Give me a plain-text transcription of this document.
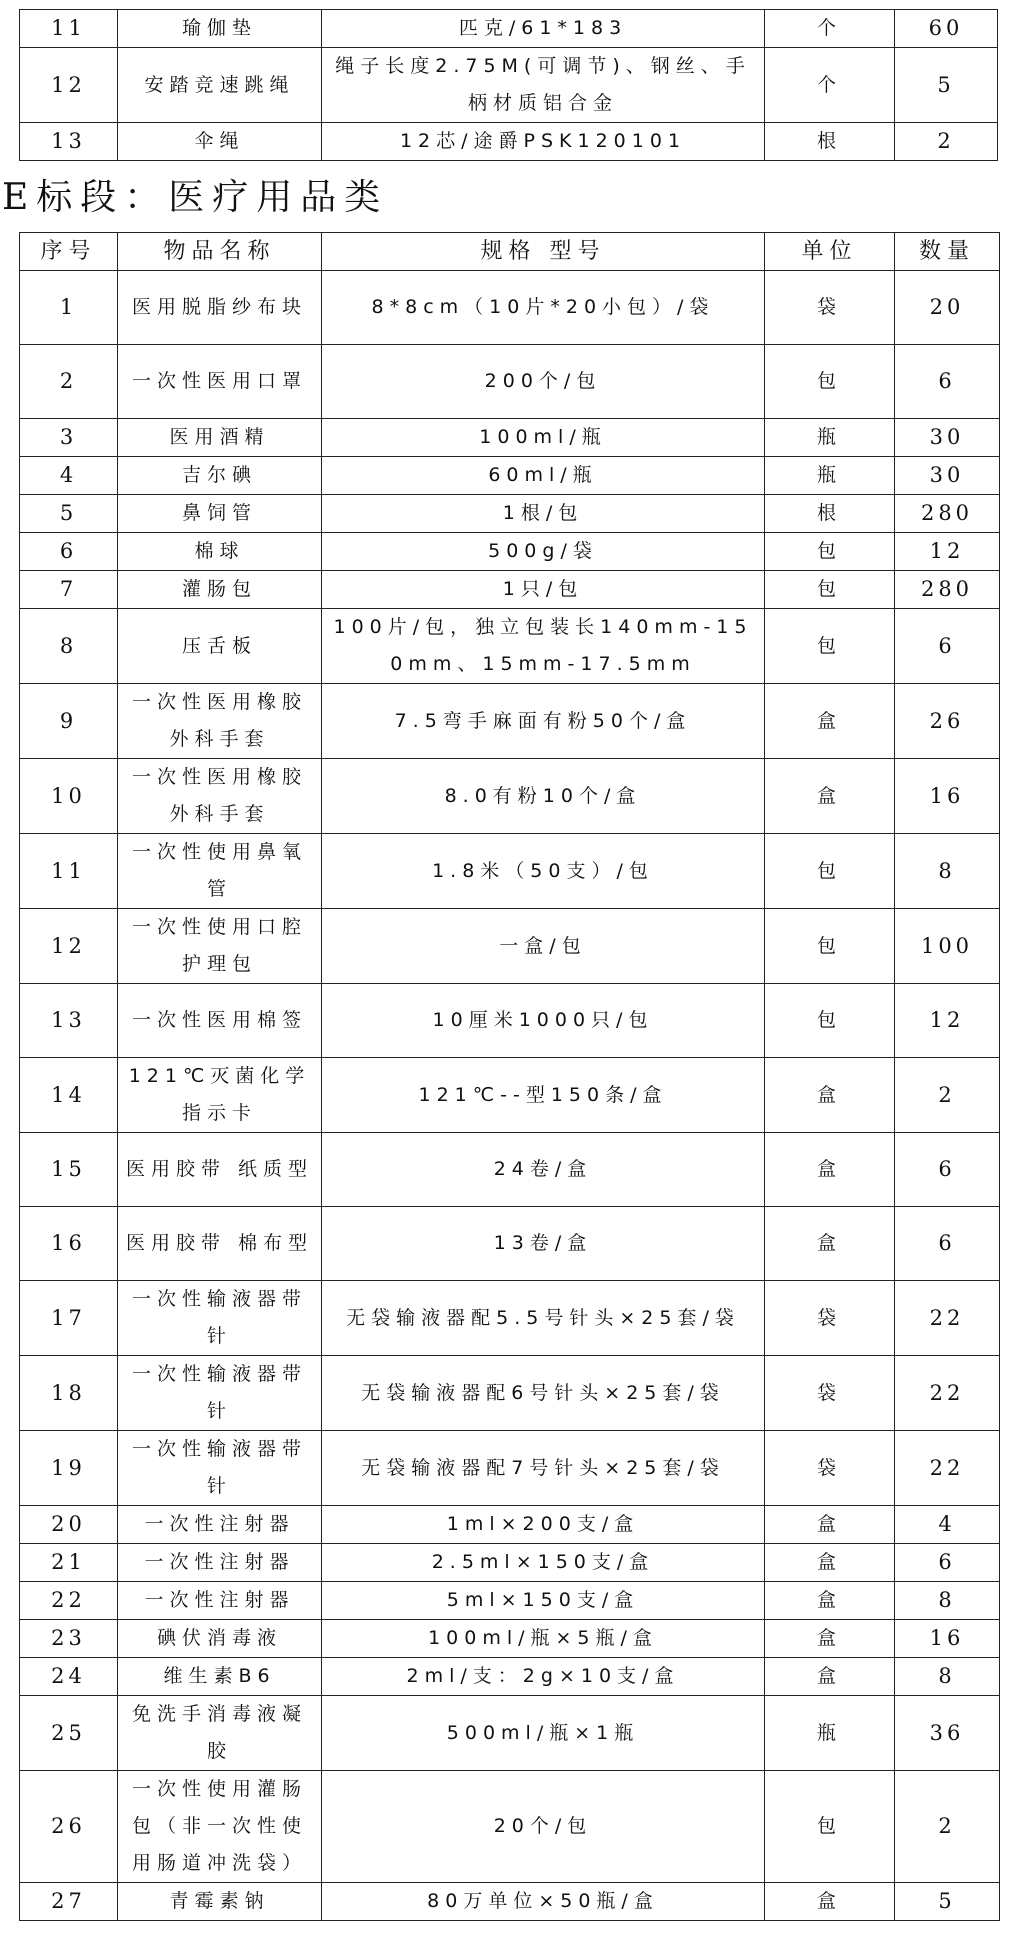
11	瑜伽垫	匹克/61*183	个	60
12	安踏竞速跳绳	绳子长度2.75M(可调节)、钢丝、手柄材质铝合金	个	5
13	伞绳	12芯/途爵PSK120101	根	2
E标段：医疗用品类
序号	物品名称	规格 型号	单位	数量
1	医用脱脂纱布块	8*8cm（10片*20小包）/袋	袋	20
2	一次性医用口罩	200个/包	包	6
3	医用酒精	100ml/瓶	瓶	30
4	吉尔碘	60ml/瓶	瓶	30
5	鼻饲管	1根/包	根	280
6	棉球	500g/袋	包	12
7	灌肠包	1只/包	包	280
8	压舌板	100片/包，独立包装长140mm-150mm、15mm-17.5mm	包	6
9	一次性医用橡胶外科手套	7.5弯手麻面有粉50个/盒	盒	26
10	一次性医用橡胶外科手套	8.0有粉10个/盒	盒	16
11	一次性使用鼻氧管	1.8米（50支）/包	包	8
12	一次性使用口腔护理包	一盒/包	包	100
13	一次性医用棉签	10厘米1000只/包	包	12
14	121℃灭菌化学指示卡	121℃--型150条/盒	盒	2
15	医用胶带 纸质型	24卷/盒	盒	6
16	医用胶带 棉布型	13卷/盒	盒	6
17	一次性输液器带针	无袋输液器配5.5号针头×25套/袋	袋	22
18	一次性输液器带针	无袋输液器配6号针头×25套/袋	袋	22
19	一次性输液器带针	无袋输液器配7号针头×25套/袋	袋	22
20	一次性注射器	1ml×200支/盒	盒	4
21	一次性注射器	2.5ml×150支/盒	盒	6
22	一次性注射器	5ml×150支/盒	盒	8
23	碘伏消毒液	100ml/瓶×5瓶/盒	盒	16
24	维生素B6	2ml/支：2g×10支/盒	盒	8
25	免洗手消毒液凝胶	500ml/瓶×1瓶	瓶	36
26	一次性使用灌肠包（非一次性使用肠道冲洗袋）	20个/包	包	2
27	青霉素钠	80万单位×50瓶/盒	盒	5
